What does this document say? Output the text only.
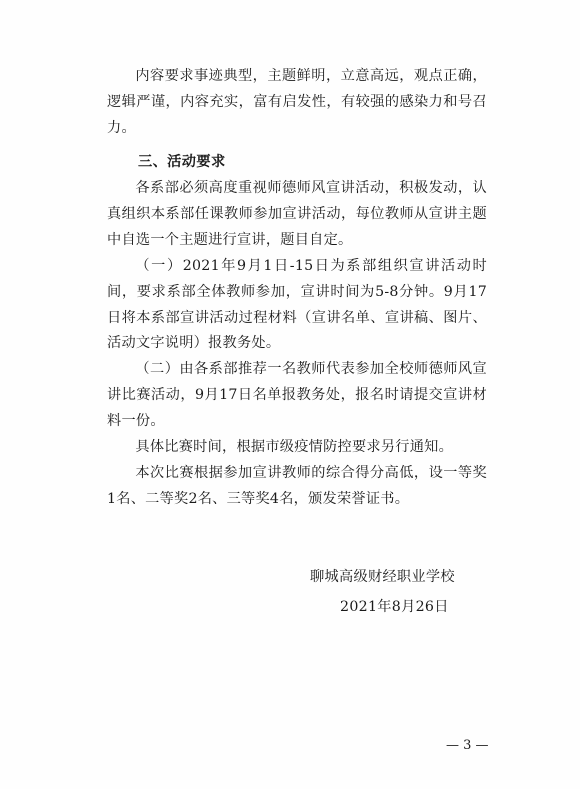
内容要求事迹典型，主题鲜明，立意高远，观点正确，逻辑严谨，内容充实，富有启发性，有较强的感染力和号召力。

三、活动要求

各系部必须高度重视师德师风宣讲活动，积极发动，认真组织本系部任课教师参加宣讲活动，每位教师从宣讲主题中自选一个主题进行宣讲，题目自定。

（一）2021年9月1日-15日为系部组织宣讲活动时间，要求系部全体教师参加，宣讲时间为5-8分钟。9月17日将本系部宣讲活动过程材料（宣讲名单、宣讲稿、图片、活动文字说明）报教务处。

（二）由各系部推荐一名教师代表参加全校师德师风宣讲比赛活动，9月17日名单报教务处，报名时请提交宣讲材料一份。

具体比赛时间，根据市级疫情防控要求另行通知。

本次比赛根据参加宣讲教师的综合得分高低，设一等奖1名、二等奖2名、三等奖4名，颁发荣誉证书。

聊城高级财经职业学校

2021年8月26日

— 3 —
